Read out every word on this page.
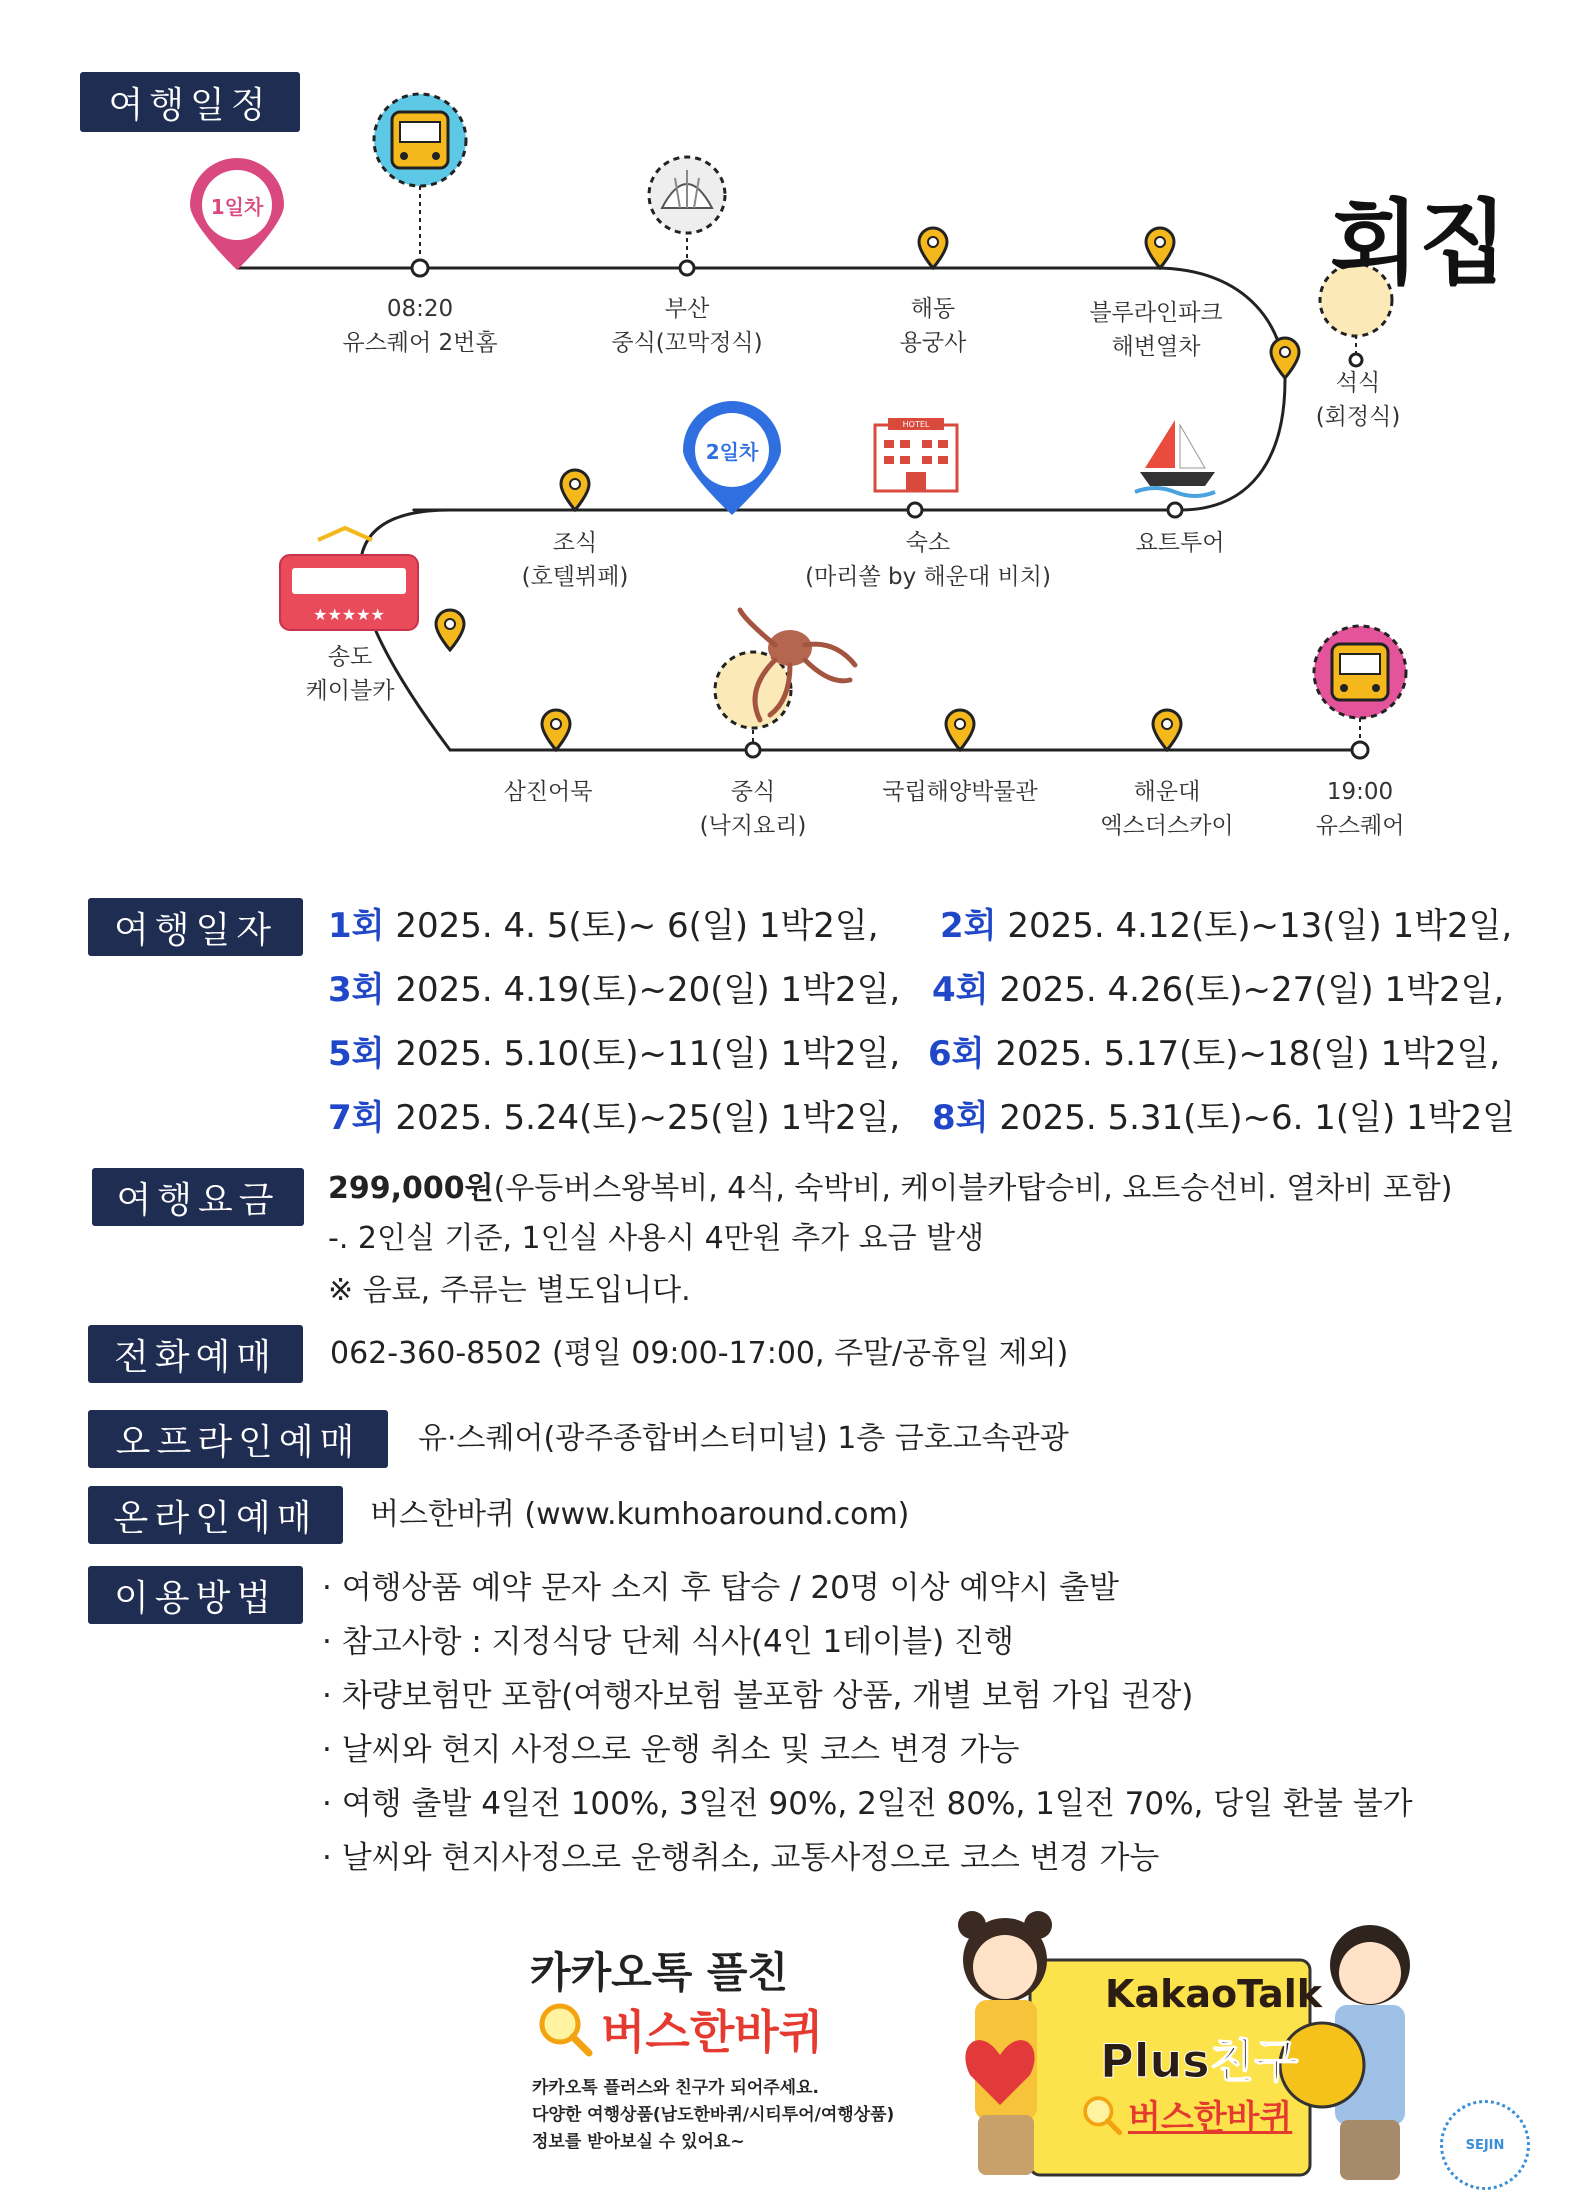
여행일정
1일차
2일차
HOTEL
★★★★★
회집
08:20
유스퀘어 2번홈
부산
중식(꼬막정식)
해동
용궁사
블루라인파크
해변열차
석식
(회정식)
요트투어
숙소
(마리쏠 by 해운대 비치)
조식
(호텔뷔페)
송도
케이블카
삼진어묵	중식
(낙지요리)
국립해양박물관	해운대
엑스더스카이
19:00
유스퀘어
여행일자	1회 2025. 4. 5(토)~ 6(일) 1박2일, 2회 2025. 4.12(토)~13(일) 1박2일,
3회 2025. 4.19(토)~20(일) 1박2일, 4회 2025. 4.26(토)~27(일) 1박2일,
5회 2025. 5.10(토)~11(일) 1박2일, 6회 2025. 5.17(토)~18(일) 1박2일,
7회 2025. 5.24(토)~25(일) 1박2일, 8회 2025. 5.31(토)~6. 1(일) 1박2일
여행요금	299,000원(우등버스왕복비, 4식, 숙박비, 케이블카탑승비, 요트승선비. 열차비 포함)
-. 2인실 기준, 1인실 사용시 4만원 추가 요금 발생
※ 음료, 주류는 별도입니다.
전화예매	062-360-8502 (평일 09:00-17:00, 주말/공휴일 제외)
오프라인예매	유·스퀘어(광주종합버스터미널) 1층 금호고속관광
온라인예매	버스한바퀴 (www.kumhoaround.com)
이용방법	· 여행상품 예약 문자 소지 후 탑승 / 20명 이상 예약시 출발
· 참고사항 : 지정식당 단체 식사(4인 1테이블) 진행
· 차량보험만 포함(여행자보험 불포함 상품, 개별 보험 가입 권장)
· 날씨와 현지 사정으로 운행 취소 및 코스 변경 가능
· 여행 출발 4일전 100%, 3일전 90%, 2일전 80%, 1일전 70%, 당일 환불 불가
· 날씨와 현지사정으로 운행취소, 교통사정으로 코스 변경 가능
카카오톡 플친
버스한바퀴
카카오톡 플러스와 친구가 되어주세요.
다양한 여행상품(남도한바퀴/시티투어/여행상품)
정보를 받아보실 수 있어요~
KakaoTalk
Plus친구
버스한바퀴
SEJIN
